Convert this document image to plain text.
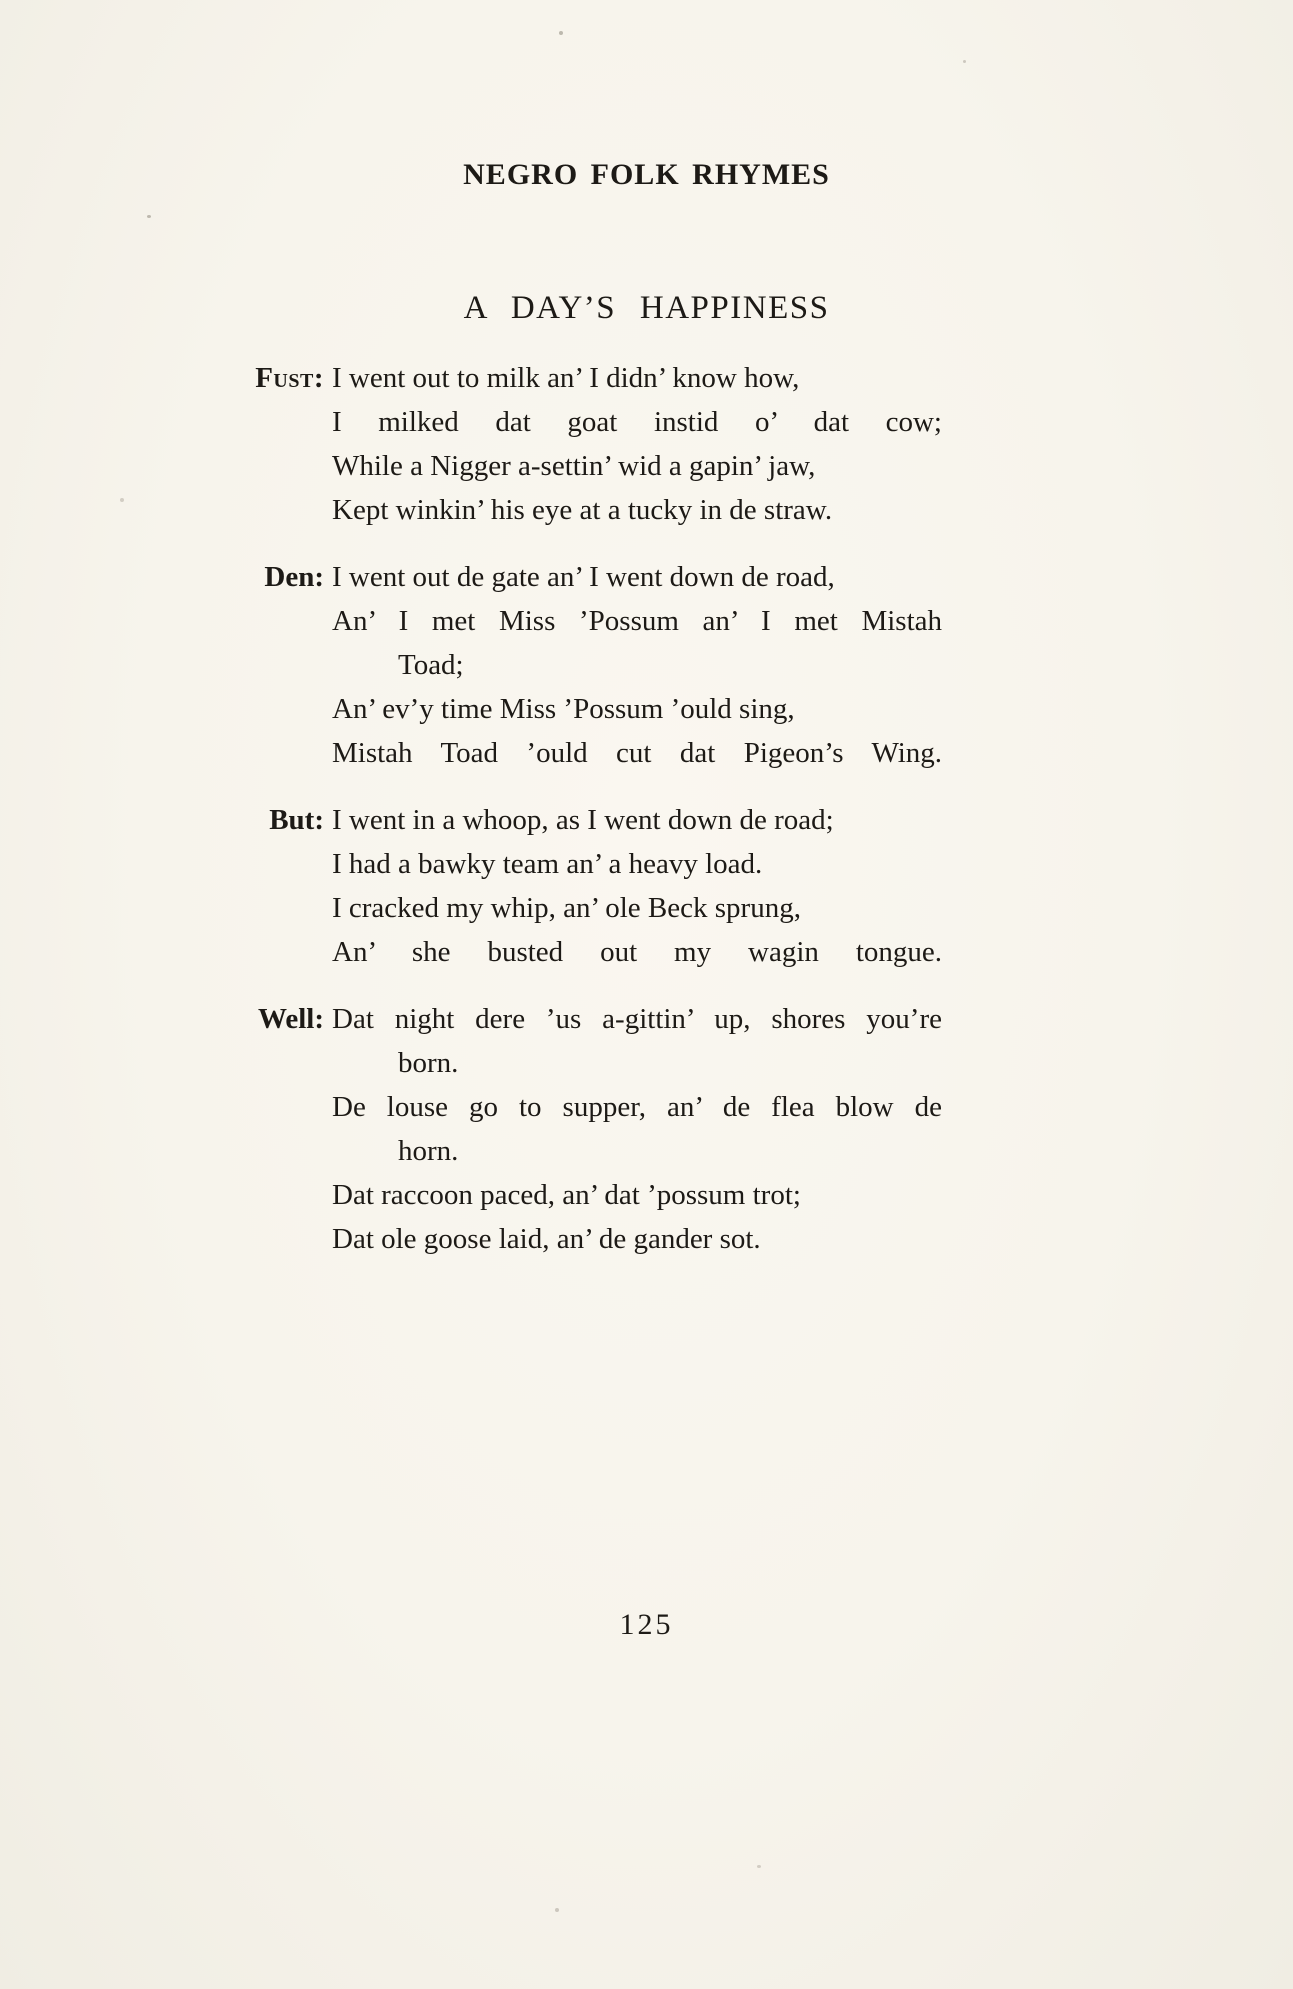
NEGRO FOLK RHYMES
A DAY’S HAPPINESS
Fust: I went out to milk an’ I didn’ know how,
I milked dat goat instid o’ dat cow;
While a Nigger a-settin’ wid a gapin’ jaw,
Kept winkin’ his eye at a tucky in de straw.
Den: I went out de gate an’ I went down de road,
An’ I met Miss ’Possum an’ I met Mistah
Toad;
An’ ev’y time Miss ’Possum ’ould sing,
Mistah Toad ’ould cut dat Pigeon’s Wing.
But: I went in a whoop, as I went down de road;
I had a bawky team an’ a heavy load.
I cracked my whip, an’ ole Beck sprung,
An’ she busted out my wagin tongue.
Well: Dat night dere ’us a-gittin’ up, shores you’re
born.
De louse go to supper, an’ de flea blow de
horn.
Dat raccoon paced, an’ dat ’possum trot;
Dat ole goose laid, an’ de gander sot.
125
